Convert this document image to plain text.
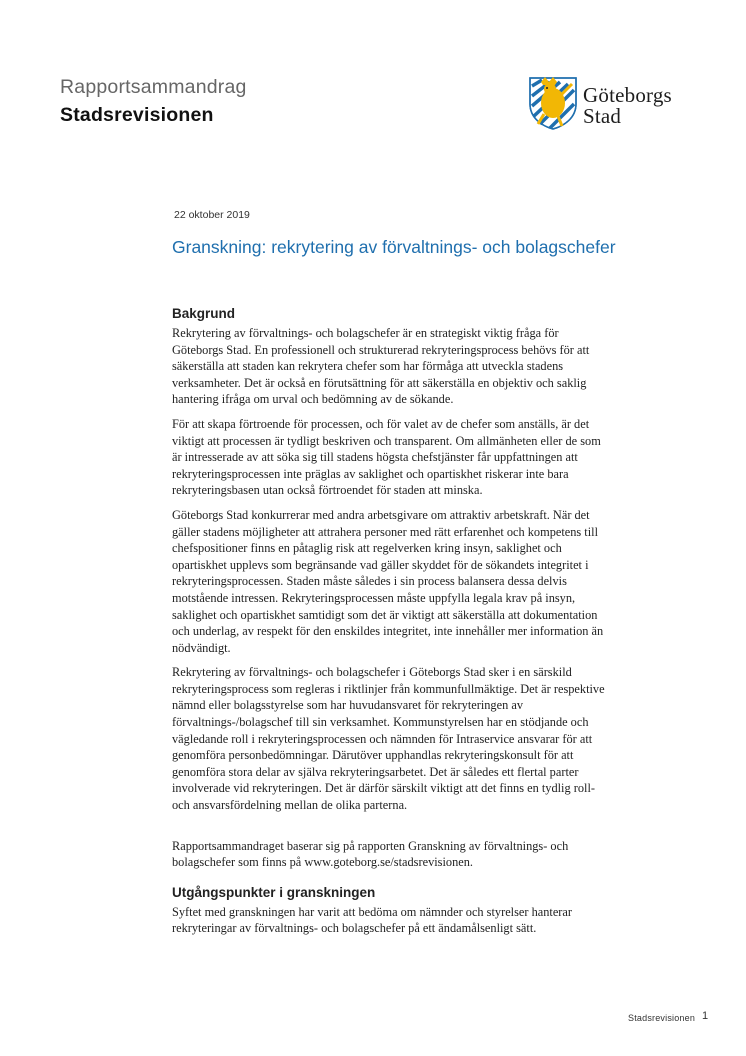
Rapportsammandrag
Stadsrevisionen
Göteborgs
Stad
22 oktober 2019
Granskning: rekrytering av förvaltnings- och bolagschefer
Bakgrund

Rekrytering av förvaltnings- och bolagschefer är en strategiskt viktig fråga för Göteborgs Stad. En professionell och strukturerad rekryteringsprocess behövs för att säkerställa att staden kan rekrytera chefer som har förmåga att utveckla stadens verksamheter. Det är också en förutsättning för att säkerställa en objektiv och saklig hantering ifråga om urval och bedömning av de sökande.

För att skapa förtroende för processen, och för valet av de chefer som anställs, är det viktigt att processen är tydligt beskriven och transparent. Om allmänheten eller de som är intresserade av att söka sig till stadens högsta chefstjänster får uppfattningen att rekryteringsprocessen inte präglas av saklighet och opartiskhet riskerar inte bara rekryteringsbasen utan också förtroendet för staden att minska.

Göteborgs Stad konkurrerar med andra arbetsgivare om attraktiv arbetskraft. När det gäller stadens möjligheter att attrahera personer med rätt erfarenhet och kompetens till chefspositioner finns en påtaglig risk att regelverken kring insyn, saklighet och opartiskhet upplevs som begränsande vad gäller skyddet för de sökandets integritet i rekryteringsprocessen. Staden måste således i sin process balansera dessa delvis motstående intressen. Rekryteringsprocessen måste uppfylla legala krav på insyn, saklighet och opartiskhet samtidigt som det är viktigt att säkerställa att dokumentation och underlag, av respekt för den enskildes integritet, inte innehåller mer information än nödvändigt.

Rekrytering av förvaltnings- och bolagschefer i Göteborgs Stad sker i en särskild rekryteringsprocess som regleras i riktlinjer från kommunfullmäktige. Det är respektive nämnd eller bolagsstyrelse som har huvudansvaret för rekryteringen av förvaltnings-/bolagschef till sin verksamhet. Kommunstyrelsen har en stödjande och vägledande roll i rekryteringsprocessen och nämnden för Intraservice ansvarar för att genomföra personbedömningar. Därutöver upphandlas rekryteringskonsult för att genomföra stora delar av själva rekryteringsarbetet. Det är således ett flertal parter involverade vid rekryteringen. Det är därför särskilt viktigt att det finns en tydlig roll- och ansvarsfördelning mellan de olika parterna.

Rapportsammandraget baserar sig på rapporten Granskning av förvaltnings- och bolagschefer som finns på www.goteborg.se/stadsrevisionen.

Utgångspunkter i granskningen

Syftet med granskningen har varit att bedöma om nämnder och styrelser hanterar rekryteringar av förvaltnings- och bolagschefer på ett ändamålsenligt sätt.

Stadsrevisionen 1
